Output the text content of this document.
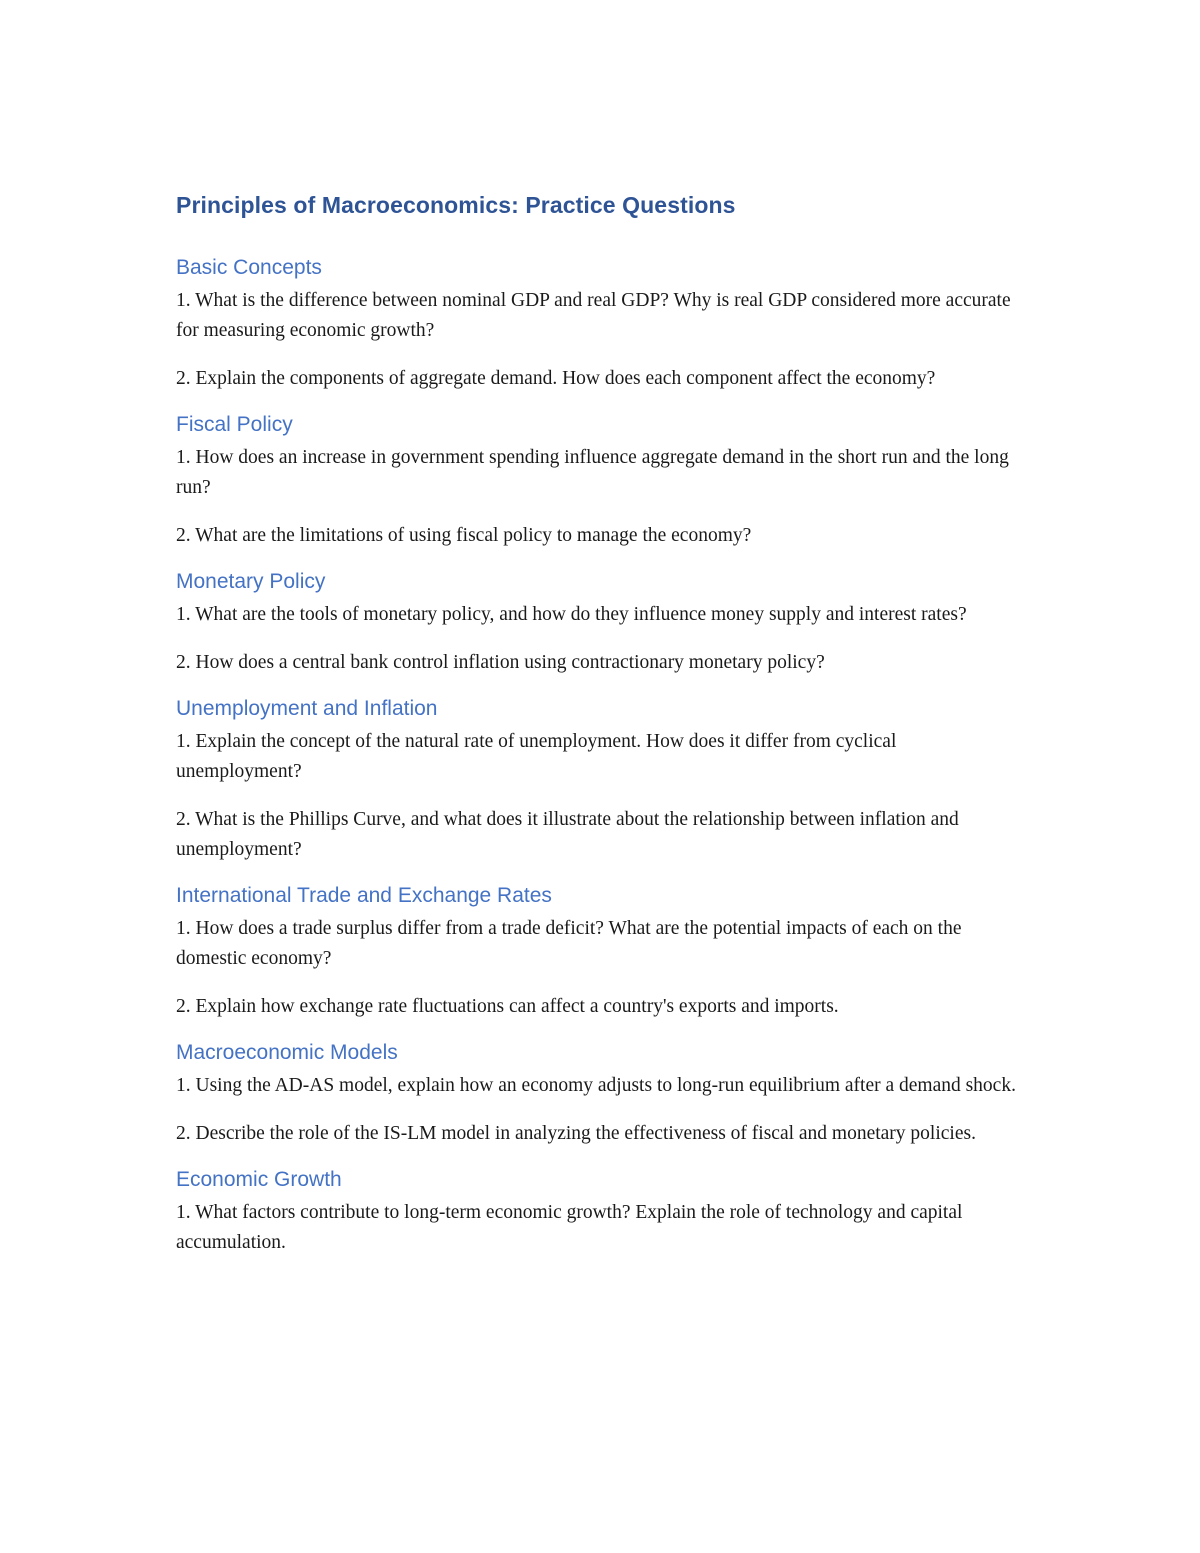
Principles of Macroeconomics: Practice Questions
Basic Concepts

1. What is the difference between nominal GDP and real GDP? Why is real GDP considered more accurate for measuring economic growth?

2. Explain the components of aggregate demand. How does each component affect the economy?

Fiscal Policy

1. How does an increase in government spending influence aggregate demand in the short run and the long run?

2. What are the limitations of using fiscal policy to manage the economy?

Monetary Policy

1. What are the tools of monetary policy, and how do they influence money supply and interest rates?

2. How does a central bank control inflation using contractionary monetary policy?

Unemployment and Inflation

1. Explain the concept of the natural rate of unemployment. How does it differ from cyclical unemployment?

2. What is the Phillips Curve, and what does it illustrate about the relationship between inflation and unemployment?

International Trade and Exchange Rates

1. How does a trade surplus differ from a trade deficit? What are the potential impacts of each on the domestic economy?

2. Explain how exchange rate fluctuations can affect a country's exports and imports.

Macroeconomic Models

1. Using the AD-AS model, explain how an economy adjusts to long-run equilibrium after a demand shock.

2. Describe the role of the IS-LM model in analyzing the effectiveness of fiscal and monetary policies.

Economic Growth

1. What factors contribute to long-term economic growth? Explain the role of technology and capital accumulation.
